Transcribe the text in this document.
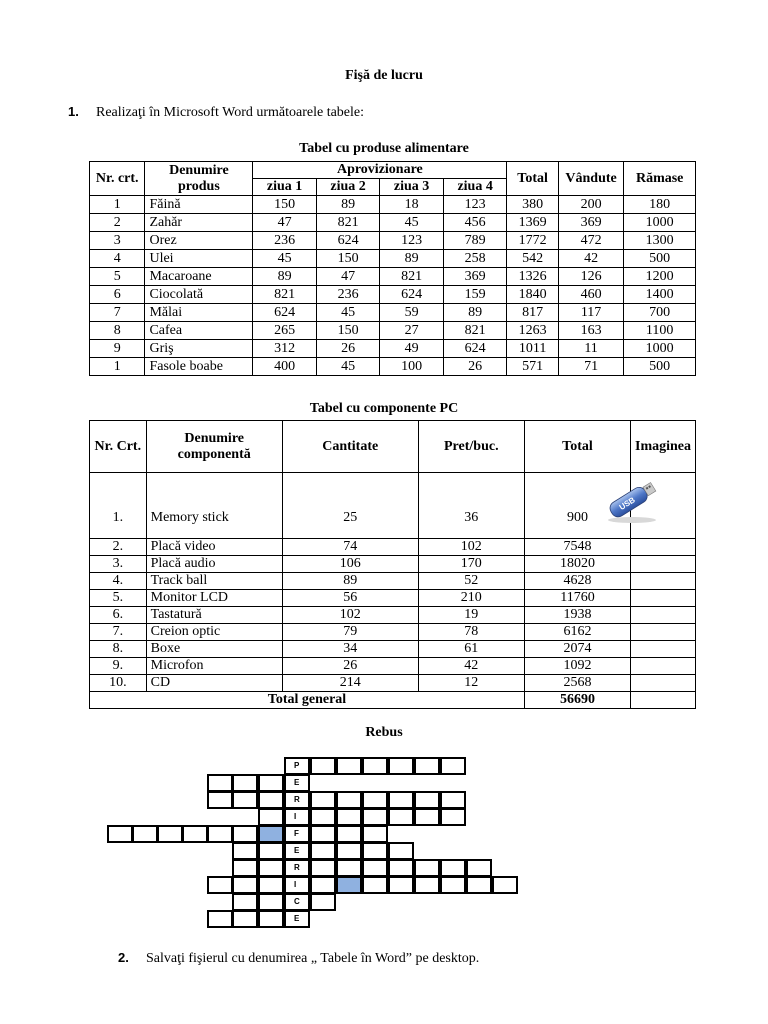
Fişă de lucru
1. Realizaţi în Microsoft Word următoarele tabele:
Tabel cu produse alimentare
Nr. crt.	Denumire produs	Aprovizionare				Total	Vândute	Rămase
		ziua 1	ziua 2	ziua 3	ziua 4			
1	Făină	150	89	18	123	380	200	180
2	Zahăr	47	821	45	456	1369	369	1000
3	Orez	236	624	123	789	1772	472	1300
4	Ulei	45	150	89	258	542	42	500
5	Macaroane	89	47	821	369	1326	126	1200
6	Ciocolată	821	236	624	159	1840	460	1400
7	Mălai	624	45	59	89	817	117	700
8	Cafea	265	150	27	821	1263	163	1100
9	Griş	312	26	49	624	1011	11	1000
1	Fasole boabe	400	45	100	26	571	71	500
Tabel cu componente PC
Nr. Crt.	Denumire componentă	Cantitate	Pret/buc.	Total	Imaginea
1.	Memory stick	25	36	900	
2.	Placă video	74	102	7548	
3.	Placă audio	106	170	18020	
4.	Track ball	89	52	4628	
5.	Monitor LCD	56	210	11760	
6.	Tastatură	102	19	1938	
7.	Creion optic	79	78	6162	
8.	Boxe	34	61	2074	
9.	Microfon	26	42	1092	
10.	CD	214	12	2568	
Total general				56690	
USB
Rebus
P
E
R
I
F
E
R
I
C
E
2. Salvaţi fişierul cu denumirea „ Tabele în Word” pe desktop.
